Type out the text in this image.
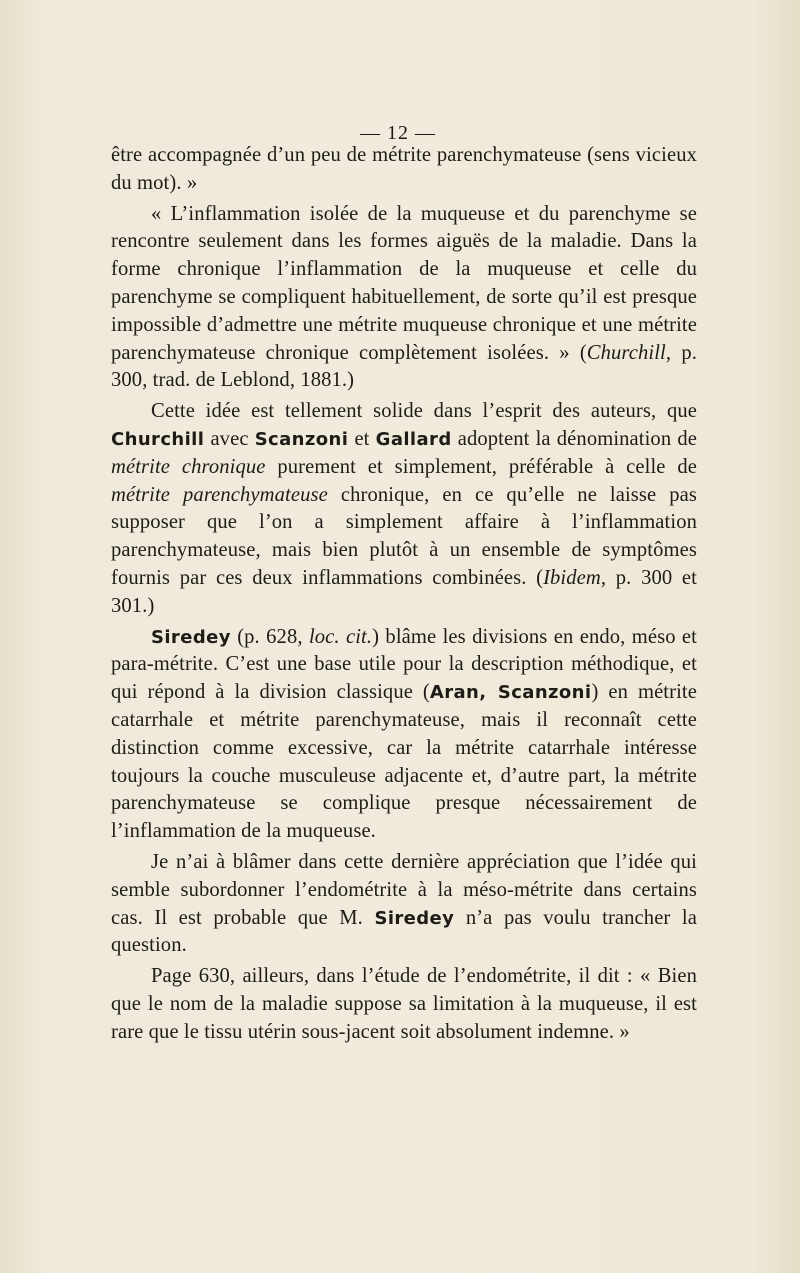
— 12 —

être accompagnée d’un peu de métrite parenchymateuse (sens vicieux du mot). »

« L’inflammation isolée de la muqueuse et du parenchyme se rencontre seulement dans les formes aiguës de la maladie. Dans la forme chronique l’inflammation de la muqueuse et celle du parenchyme se compliquent habituellement, de sorte qu’il est presque impossible d’admettre une métrite muqueuse chronique et une métrite parenchymateuse chronique complètement isolées. » (Churchill, p. 300, trad. de Leblond, 1881.)

Cette idée est tellement solide dans l’esprit des auteurs, que Churchill avec Scanzoni et Gallard adoptent la dénomination de métrite chronique purement et simplement, préférable à celle de métrite parenchymateuse chronique, en ce qu’elle ne laisse pas supposer que l’on a simplement affaire à l’inflammation parenchymateuse, mais bien plutôt à un ensemble de symptômes fournis par ces deux inflammations combinées. (Ibidem, p. 300 et 301.)

Siredey (p. 628, loc. cit.) blâme les divisions en endo, méso et para-métrite. C’est une base utile pour la description méthodique, et qui répond à la division classique (Aran, Scanzoni) en métrite catarrhale et métrite parenchymateuse, mais il reconnaît cette distinction comme excessive, car la métrite catarrhale intéresse toujours la couche musculeuse adjacente et, d’autre part, la métrite parenchymateuse se complique presque nécessairement de l’inflammation de la muqueuse.

Je n’ai à blâmer dans cette dernière appréciation que l’idée qui semble subordonner l’endométrite à la méso-métrite dans certains cas. Il est probable que M. Siredey n’a pas voulu trancher la question.

Page 630, ailleurs, dans l’étude de l’endométrite, il dit : « Bien que le nom de la maladie suppose sa limitation à la muqueuse, il est rare que le tissu utérin sous-jacent soit absolument indemne. »
